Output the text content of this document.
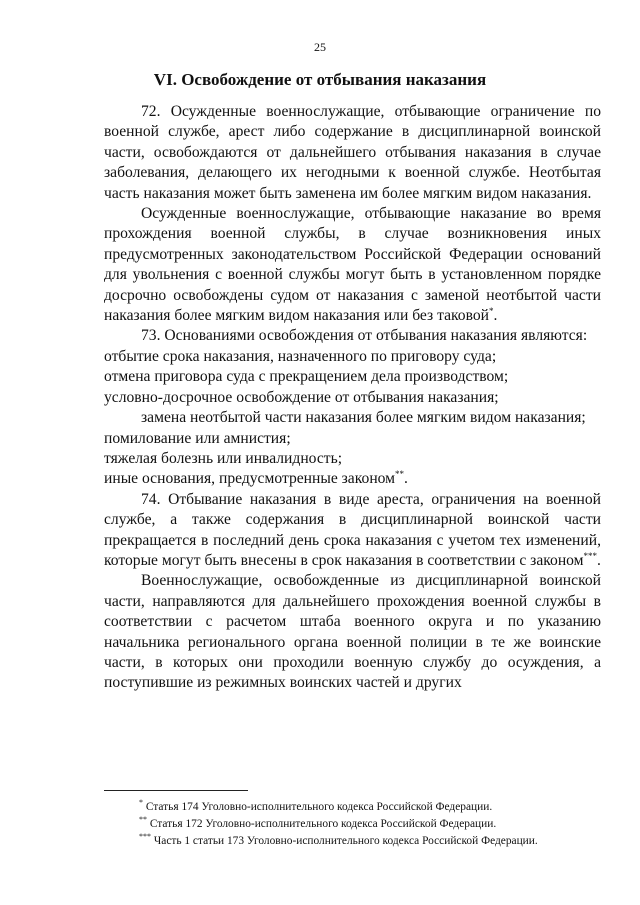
25
VI. Освобождение от отбывания наказания

72. Осужденные военнослужащие, отбывающие ограничение по военной службе, арест либо содержание в дисциплинарной воинской части, освобождаются от дальнейшего отбывания наказания в случае заболевания, делающего их негодными к военной службе. Неотбытая часть наказания может быть заменена им более мягким видом наказания.

Осужденные военнослужащие, отбывающие наказание во время прохождения военной службы, в случае возникновения иных предусмотренных законодательством Российской Федерации оснований для увольнения с военной службы могут быть в установленном порядке досрочно освобождены судом от наказания с заменой неотбытой части наказания более мягким видом наказания или без таковой*.

73. Основаниями освобождения от отбывания наказания являются:

отбытие срока наказания, назначенного по приговору суда;

отмена приговора суда с прекращением дела производством;

условно-досрочное освобождение от отбывания наказания;

замена неотбытой части наказания более мягким видом наказания;

помилование или амнистия;

тяжелая болезнь или инвалидность;

иные основания, предусмотренные законом**.

74. Отбывание наказания в виде ареста, ограничения на военной службе, а также содержания в дисциплинарной воинской части прекращается в последний день срока наказания с учетом тех изменений, которые могут быть внесены в срок наказания в соответствии с законом***.

Военнослужащие, освобожденные из дисциплинарной воинской части, направляются для дальнейшего прохождения военной службы в соответствии с расчетом штаба военного округа и по указанию начальника регионального органа военной полиции в те же воинские части, в которых они проходили военную службу до осуждения, а поступившие из режимных воинских частей и других

* Статья 174 Уголовно-исполнительного кодекса Российской Федерации.

** Статья 172 Уголовно-исполнительного кодекса Российской Федерации.

*** Часть 1 статьи 173 Уголовно-исполнительного кодекса Российской Федерации.
